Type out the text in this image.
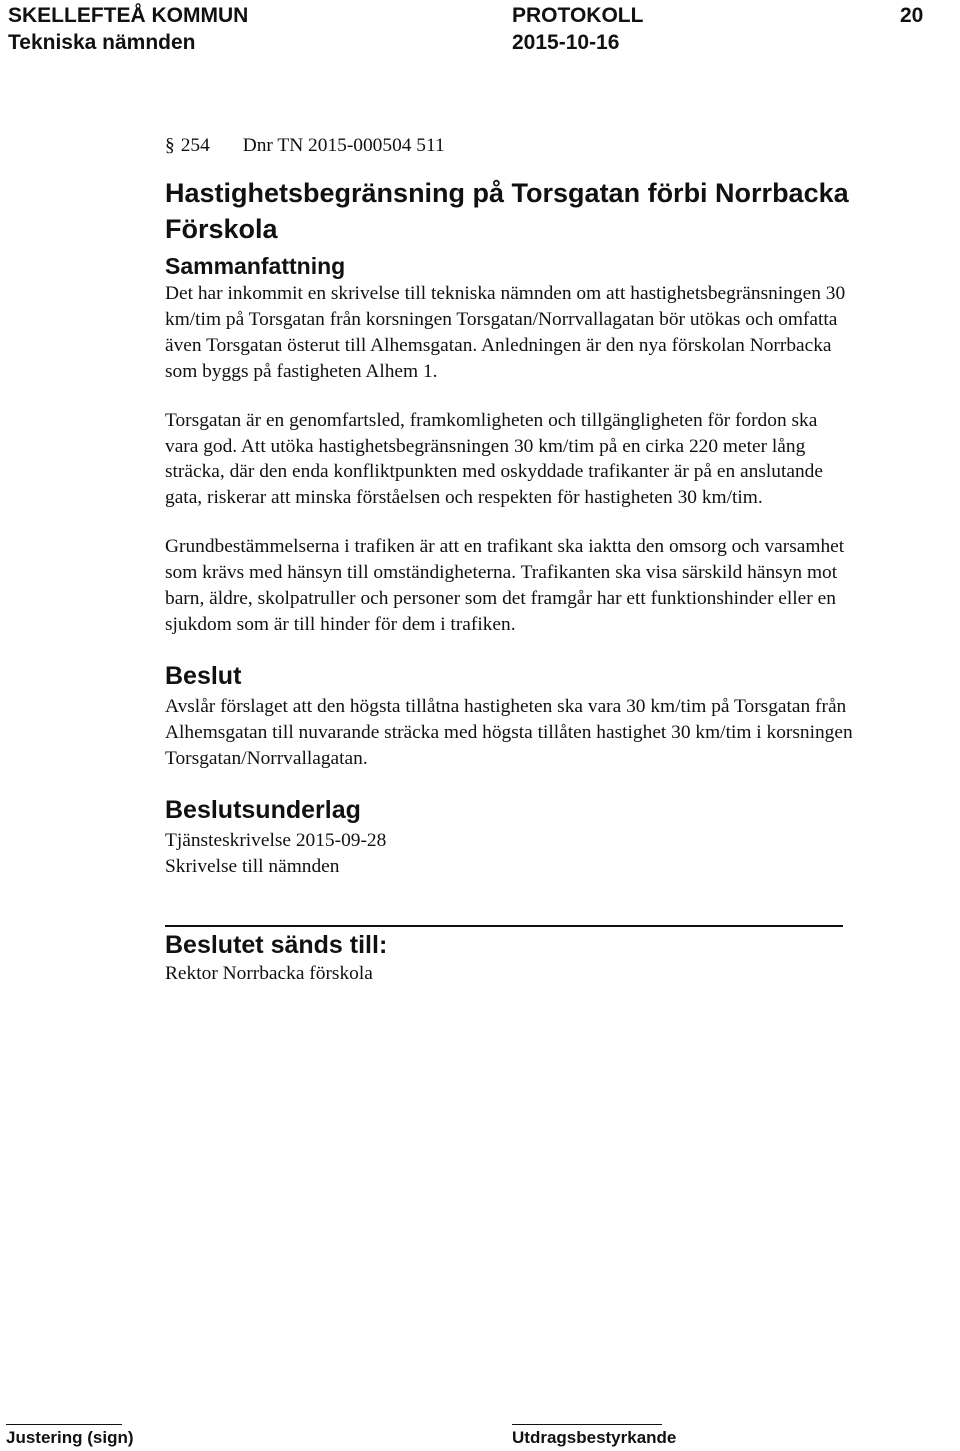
SKELLEFTEÅ KOMMUN	PROTOKOLL	20
Tekniska nämnden	2015-10-16
§ 254 Dnr TN 2015-000504 511
Hastighetsbegränsning på Torsgatan förbi Norrbacka Förskola
Sammanfattning

Det har inkommit en skrivelse till tekniska nämnden om att hastighetsbegränsningen 30 km/tim på Torsgatan från korsningen Torsgatan/Norrvallagatan bör utökas och omfatta även Torsgatan österut till Alhemsgatan. Anledningen är den nya förskolan Norrbacka som byggs på fastigheten Alhem 1.

Torsgatan är en genomfartsled, framkomligheten och tillgängligheten för fordon ska vara god. Att utöka hastighetsbegränsningen 30 km/tim på en cirka 220 meter lång sträcka, där den enda konfliktpunkten med oskyddade trafikanter är på en anslutande gata, riskerar att minska förståelsen och respekten för hastigheten 30 km/tim.

Grundbestämmelserna i trafiken är att en trafikant ska iaktta den omsorg och varsamhet som krävs med hänsyn till omständigheterna. Trafikanten ska visa särskild hänsyn mot barn, äldre, skolpatruller och personer som det framgår har ett funktionshinder eller en sjukdom som är till hinder för dem i trafiken.

Beslut

Avslår förslaget att den högsta tillåtna hastigheten ska vara 30 km/tim på Torsgatan från Alhemsgatan till nuvarande sträcka med högsta tillåten hastighet 30 km/tim i korsningen Torsgatan/Norrvallagatan.

Beslutsunderlag
Tjänsteskrivelse 2015-09-28
Skrivelse till nämnden
Beslutet sänds till:
Rektor Norrbacka förskola
Justering (sign)	Utdragsbestyrkande
